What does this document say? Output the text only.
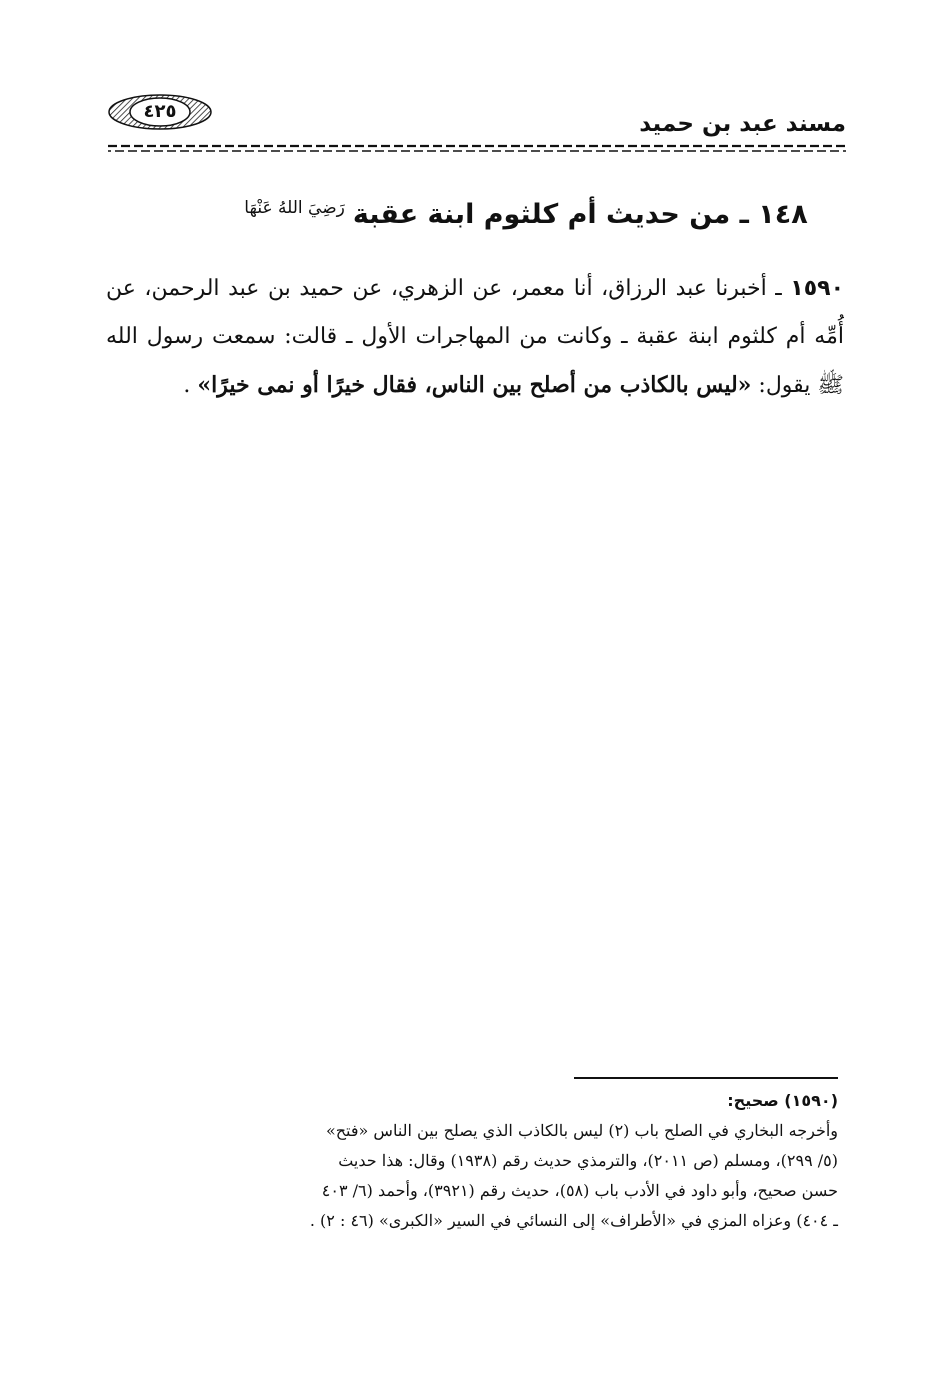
مسند عبد بن حميد
٤٢٥
١٤٨ ـ من حديث أم كلثوم ابنة عقبة$^{رَضِيَ اللهُ عَنْهَا}$
١٥٩٠ ـ أخبرنا عبد الرزاق، أنا معمر، عن الزهري، عن حميد بن عبد الرحمن، عن أُمِّه أم كلثوم ابنة عقبة ـ وكانت من المهاجرات الأول ـ قالت: سمعت رسول الله ﷺ يقول: «ليس بالكاذب من أصلح بين الناس، فقال خيرًا أو نمى خيرًا» .
(١٥٩٠) صحيح:
وأخرجه البخاري في الصلح باب (٢) ليس بالكاذب الذي يصلح بين الناس «فتح»
(٥/ ٢٩٩)، ومسلم (ص ٢٠١١)، والترمذي حديث رقم (١٩٣٨) وقال: هذا حديث
حسن صحيح، وأبو داود في الأدب باب (٥٨)، حديث رقم (٣٩٢١)، وأحمد (٦/ ٤٠٣
ـ ٤٠٤) وعزاه المزي في «الأطراف» إلى النسائي في السير «الكبرى» (٤٦ : ٢) .
